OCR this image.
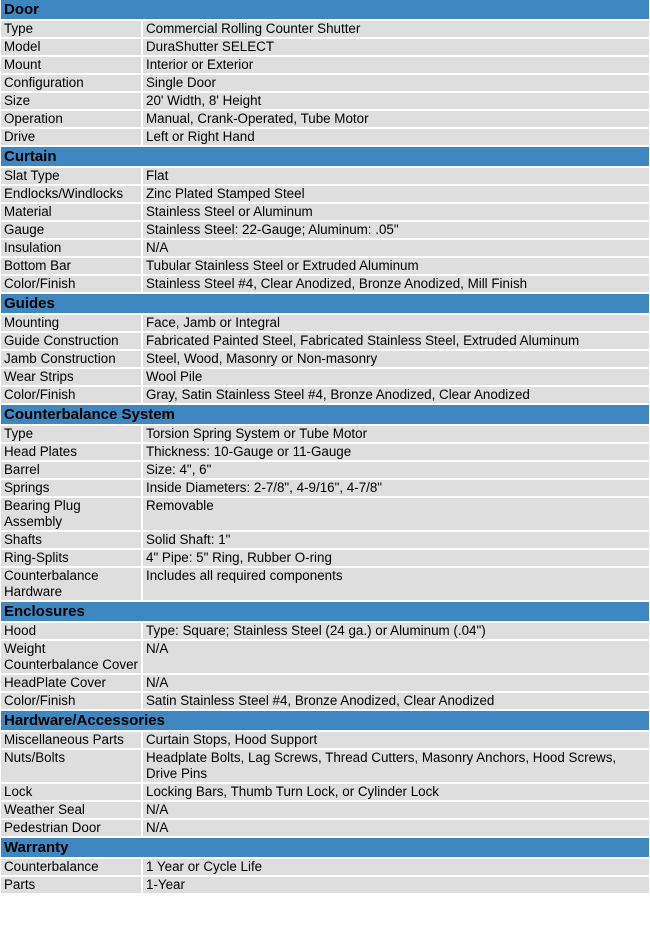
Door	
Type	Commercial Rolling Counter Shutter
Model	DuraShutter SELECT
Mount	Interior or Exterior
Configuration	Single Door
Size	20' Width, 8' Height
Operation	Manual, Crank-Operated, Tube Motor
Drive	Left or Right Hand
Curtain	
Slat Type	Flat
Endlocks/Windlocks	Zinc Plated Stamped Steel
Material	Stainless Steel or Aluminum
Gauge	Stainless Steel: 22-Gauge; Aluminum: .05"
Insulation	N/A
Bottom Bar	Tubular Stainless Steel or Extruded Aluminum
Color/Finish	Stainless Steel #4, Clear Anodized, Bronze Anodized, Mill Finish
Guides	
Mounting	Face, Jamb or Integral
Guide Construction	Fabricated Painted Steel, Fabricated Stainless Steel, Extruded Aluminum
Jamb Construction	Steel, Wood, Masonry or Non-masonry
Wear Strips	Wool Pile
Color/Finish	Gray, Satin Stainless Steel #4, Bronze Anodized, Clear Anodized
Counterbalance System	
Type	Torsion Spring System or Tube Motor
Head Plates	Thickness: 10-Gauge or 11-Gauge
Barrel	Size: 4", 6"
Springs	Inside Diameters: 2-7/8", 4-9/16", 4-7/8"
Bearing Plug Assembly	Removable
Shafts	Solid Shaft: 1"
Ring-Splits	4" Pipe: 5" Ring, Rubber O-ring
Counterbalance Hardware	Includes all required components
Enclosures	
Hood	Type: Square; Stainless Steel (24 ga.) or Aluminum (.04")
Weight Counterbalance Cover	N/A
HeadPlate Cover	N/A
Color/Finish	Satin Stainless Steel #4, Bronze Anodized, Clear Anodized
Hardware/Accessories	
Miscellaneous Parts	Curtain Stops, Hood Support
Nuts/Bolts	Headplate Bolts, Lag Screws, Thread Cutters, Masonry Anchors, Hood Screws, Drive Pins
Lock	Locking Bars, Thumb Turn Lock, or Cylinder Lock
Weather Seal	N/A
Pedestrian Door	N/A
Warranty	
Counterbalance	1 Year or Cycle Life
Parts	1-Year
